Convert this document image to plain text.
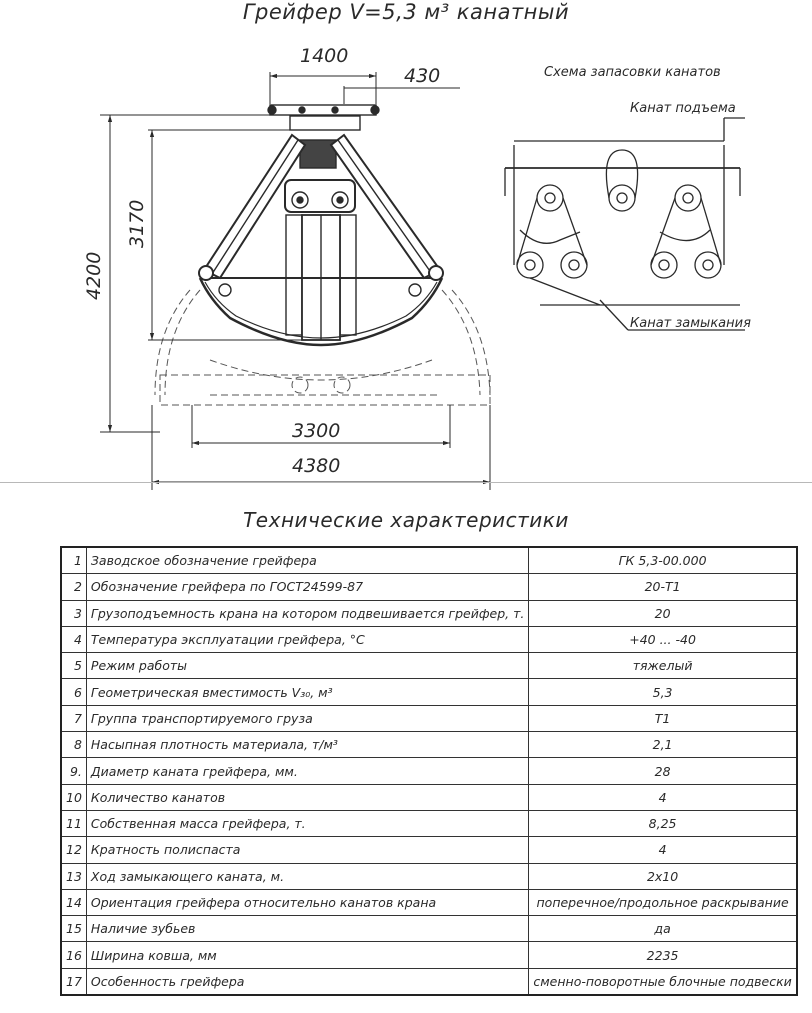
Грейфер V=5,3 м³ канатный
1400
430
4200
3170
3300
4380
Схема запасовки канатов
Канат подъема
Канат замыкания
Технические характеристики
1	Заводское обозначение грейфера	ГК 5,3-00.000
2	Обозначение грейфера по ГОСТ24599-87	20-Т1
3	Грузоподъемность крана на котором подвешивается грейфер, т.	20
4	Температура эксплуатации грейфера, °С	+40 ... -40
5	Режим работы	тяжелый
6	Геометрическая вместимость V₃₀, м³	5,3
7	Группа транспортируемого груза	Т1
8	Насыпная плотность материала, т/м³	2,1
9.	Диаметр каната грейфера, мм.	28
10	Количество канатов	4
11	Собственная масса грейфера, т.	8,25
12	Кратность полиспаста	4
13	Ход замыкающего каната, м.	2х10
14	Ориентация грейфера относительно канатов крана	поперечное/продольное раскрывание
15	Наличие зубьев	да
16	Ширина ковша, мм	2235
17	Особенность грейфера	сменно-поворотные блочные подвески
